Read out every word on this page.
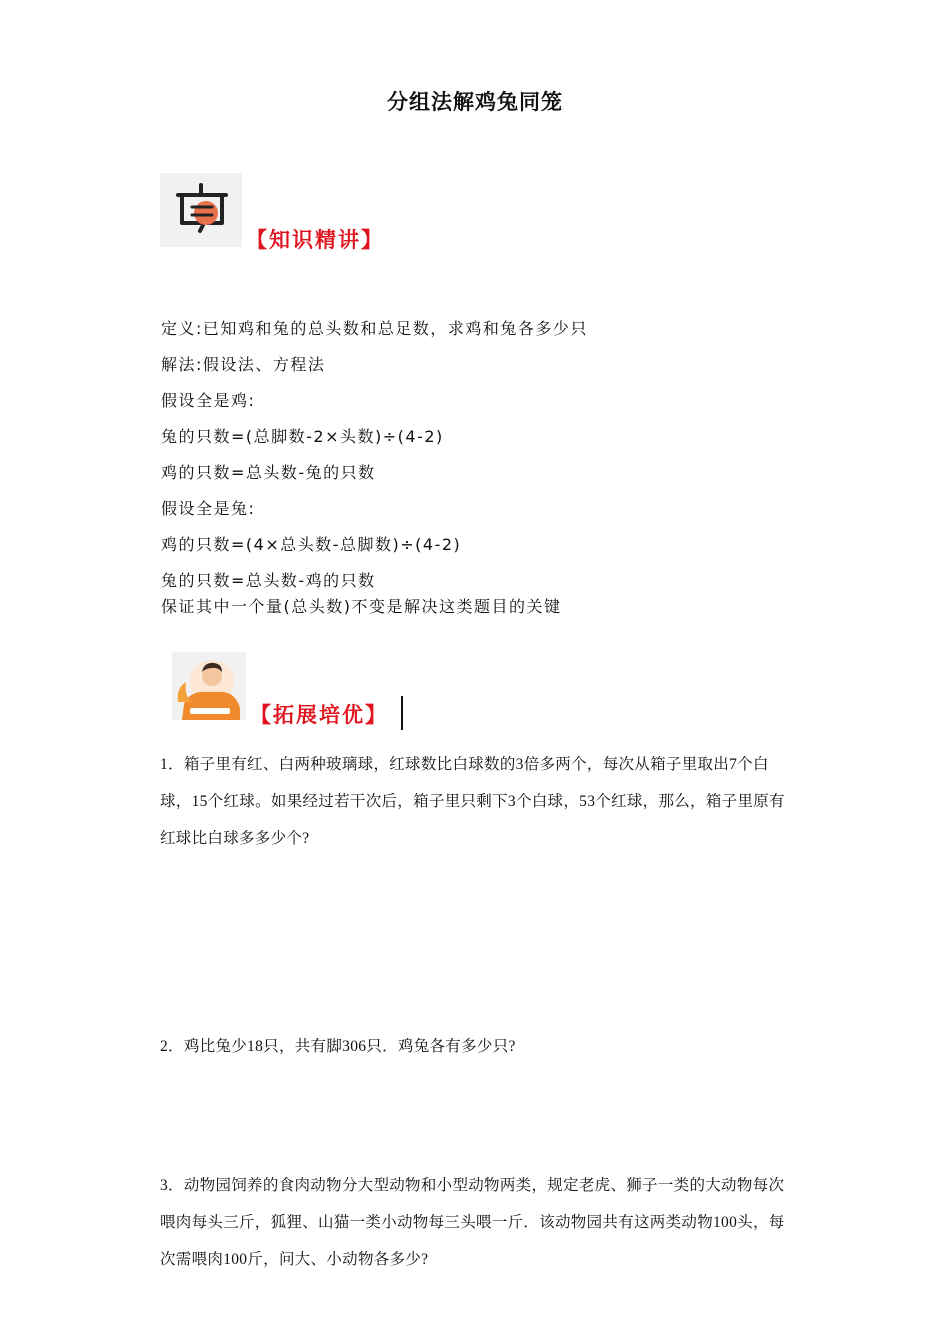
分组法解鸡兔同笼
【知识精讲】
定义:已知鸡和兔的总头数和总足数，求鸡和兔各多少只
解法:假设法、方程法
假设全是鸡:
兔的只数=(总脚数-2×头数)÷(4-2)
鸡的只数=总头数-兔的只数
假设全是兔:
鸡的只数=(4×总头数-总脚数)÷(4-2)
兔的只数=总头数-鸡的只数
保证其中一个量(总头数)不变是解决这类题目的关键
【拓展培优】
1．箱子里有红、白两种玻璃球，红球数比白球数的3倍多两个，每次从箱子里取出7个白球，15个红球。如果经过若干次后，箱子里只剩下3个白球，53个红球，那么，箱子里原有红球比白球多多少个?
2．鸡比兔少18只，共有脚306只．鸡兔各有多少只?
3．动物园饲养的食肉动物分大型动物和小型动物两类，规定老虎、狮子一类的大动物每次喂肉每头三斤，狐狸、山猫一类小动物每三头喂一斤．该动物园共有这两类动物100头，每次需喂肉100斤，问大、小动物各多少?
